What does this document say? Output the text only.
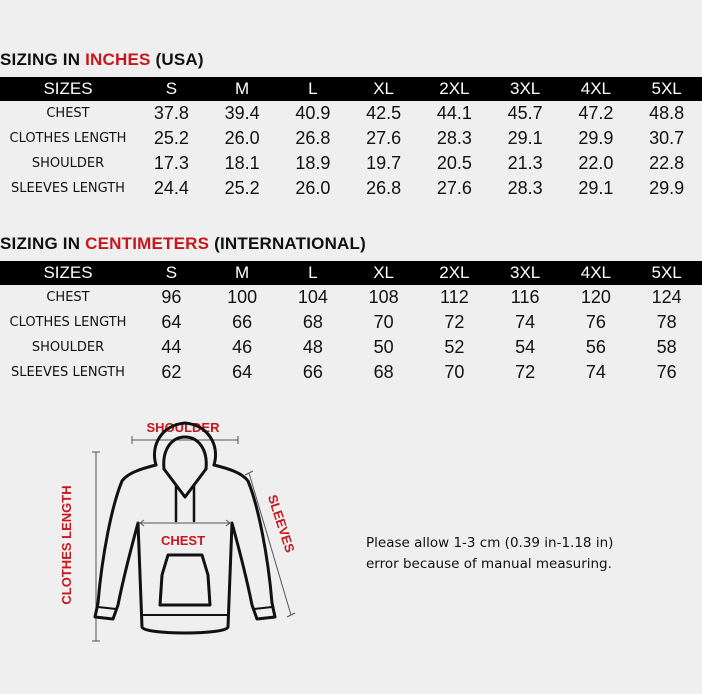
SIZING IN INCHES (USA)
SIZES	S	M	L	XL	2XL	3XL	4XL	5XL
CHEST	37.8	39.4	40.9	42.5	44.1	45.7	47.2	48.8
CLOTHES LENGTH	25.2	26.0	26.8	27.6	28.3	29.1	29.9	30.7
SHOULDER	17.3	18.1	18.9	19.7	20.5	21.3	22.0	22.8
SLEEVES LENGTH	24.4	25.2	26.0	26.8	27.6	28.3	29.1	29.9
SIZING IN CENTIMETERS (INTERNATIONAL)
SIZES	S	M	L	XL	2XL	3XL	4XL	5XL
CHEST	96	100	104	108	112	116	120	124
CLOTHES LENGTH	64	66	68	70	72	74	76	78
SHOULDER	44	46	48	50	52	54	56	58
SLEEVES LENGTH	62	64	66	68	70	72	74	76
SHOULDER
CLOTHES LENGTH	SLEEVES
CHEST	Please allow 1-3 cm (0.39 in-1.18 in)
error because of manual measuring.
